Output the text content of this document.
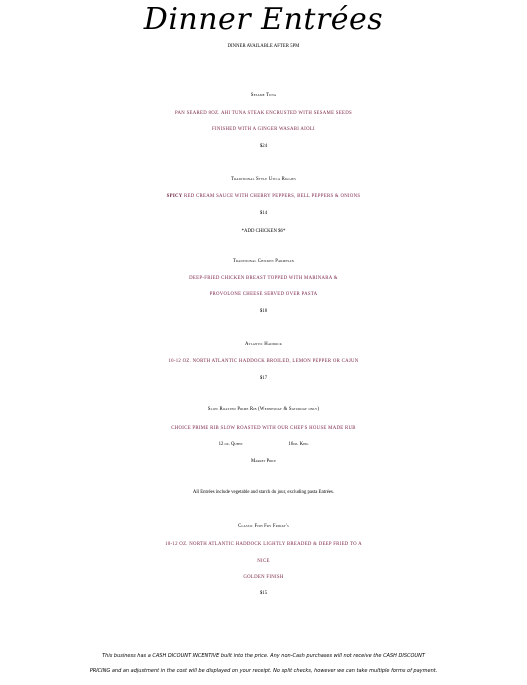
Dinner Entrées
DINNER AVAILABLE AFTER 5PM
Sesame Tuna
PAN SEARED 8OZ. AHI TUNA STEAK ENCRUSTED WITH SESAME SEEDS
FINISHED WITH A GINGER WASABI AIOLI
$24
Traditional Style Utica Riggies
SPICY RED CREAM SAUCE WITH CHERRY PEPPERS, BELL PEPPERS & ONIONS
$14
*ADD CHICKEN $6*
Traditional Chicken Parmesan
DEEP-FRIED CHICKEN BREAST TOPPED WITH MARINARA &
PROVOLONE CHEESE SERVED OVER PASTA
$18
Atlantic Haddock
10-12 OZ. NORTH ATLANTIC HADDOCK BROILED, LEMON PEPPER OR CAJUN
$17
Slow Roasted Prime Rib (Wednesday & Saturday only)
CHOICE PRIME RIB SLOW ROASTED WITH OUR CHEF'S HOUSE MADE RUB
12 oz. Queen	16oz. King
Market Price
All Entrées include vegetable and starch du jour, excluding pasta Entrées.
Classic Fish Fry Friday's
10-12 OZ. NORTH ATLANTIC HADDOCK LIGHTLY BREADED & DEEP FRIED TO A
NICE
GOLDEN FINISH
$15
This business has a CASH DICOUNT INCENTIVE built into the price. Any non-Cash purchases will not receive the CASH DISCOUNT
PRICING and an adjustment in the cost will be displayed on your receipt. No split checks, however we can take multiple forms of payment.
